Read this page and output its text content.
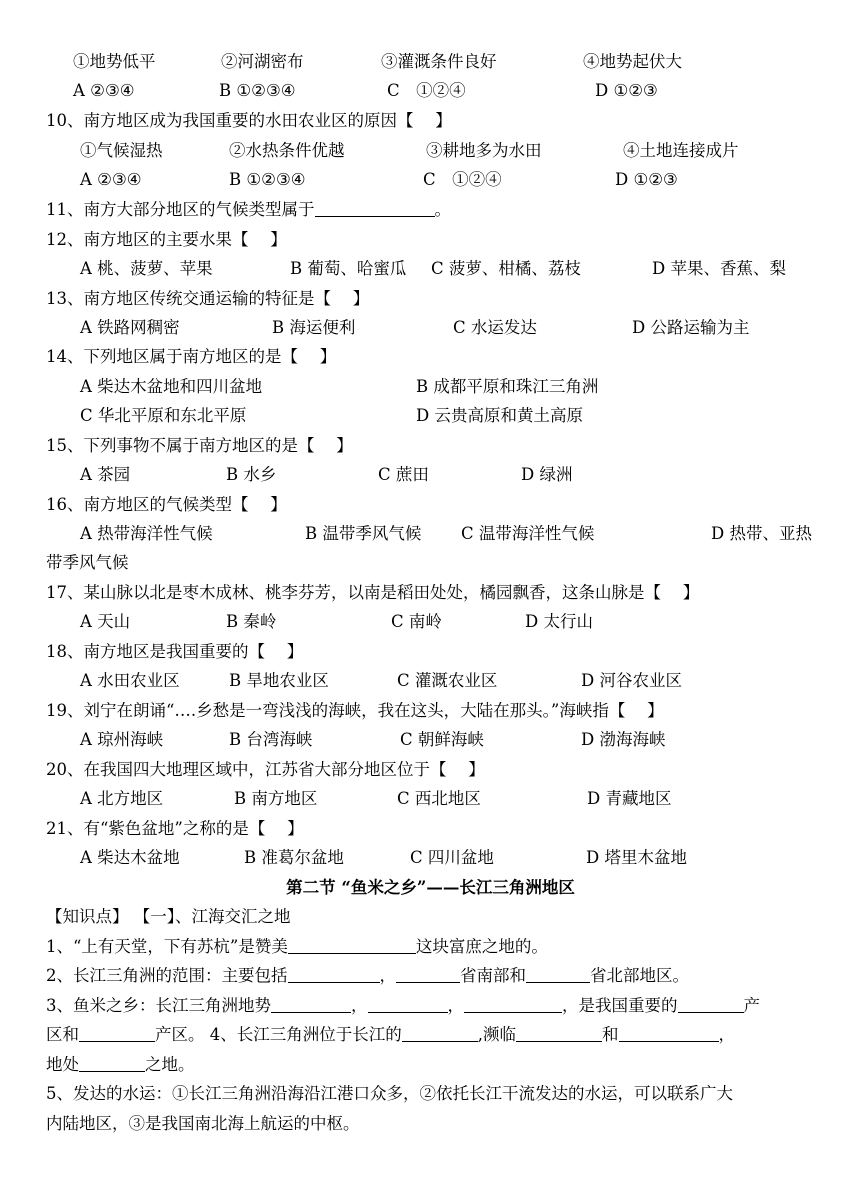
①地势低平	②河湖密布	③灌溉条件良好	④地势起伏大
A ②③④	B ①②③④	C　①②④	D ①②③
10、南方地区成为我国重要的水田农业区的原因【　 】
①气候湿热	②水热条件优越	③耕地多为水田	④土地连接成片
A ②③④	B ①②③④	C　①②④	D ①②③
11、南方大部分地区的气候类型属于	。
12、南方地区的主要水果【　 】
A 桃、菠萝、苹果	B 葡萄、哈蜜瓜 C 菠萝、柑橘、荔枝	D 苹果、香蕉、梨
13、南方地区传统交通运输的特征是【　 】
A 铁路网稠密	B 海运便利	C 水运发达	D 公路运输为主
14、下列地区属于南方地区的是【　 】
A 柴达木盆地和四川盆地	B 成都平原和珠江三角洲
C 华北平原和东北平原	D 云贵高原和黄土高原
15、下列事物不属于南方地区的是【　 】
A 茶园	B 水乡	C 蔗田	D 绿洲
16、南方地区的气候类型【　 】
A 热带海洋性气候	B 温带季风气候 C 温带海洋性气候	D 热带、亚热
带季风气候
17、某山脉以北是枣木成林、桃李芬芳，以南是稻田处处，橘园飘香，这条山脉是【　 】
A 天山	B 秦岭	C 南岭	D 太行山
18、南方地区是我国重要的【　 】
A 水田农业区	B 旱地农业区	C 灌溉农业区	D 河谷农业区
19、刘宁在朗诵“….乡愁是一弯浅浅的海峡，我在这头，大陆在那头。”海峡指【　 】
A 琼州海峡	B 台湾海峡	C 朝鲜海峡	D 渤海海峡
20、在我国四大地理区域中，江苏省大部分地区位于【　 】
A 北方地区	B 南方地区	C 西北地区	D 青藏地区
21、有“紫色盆地”之称的是【　 】
A 柴达木盆地	B 准葛尔盆地	C 四川盆地	D 塔里木盆地
第二节 “鱼米之乡”——长江三角洲地区
【知识点】 【一】、江海交汇之地
1、“上有天堂，下有苏杭”是赞美	这块富庶之地的。
2、长江三角洲的范围：主要包括	，	省南部和	省北部地区。
3、鱼米之乡：长江三角洲地势	，	，	，是我国重要的	产
区和	产区。 4、长江三角洲位于长江的	,濒临	和	，
地处	之地。
5、发达的水运：①长江三角洲沿海沿江港口众多，②依托长江干流发达的水运，可以联系广大
内陆地区，③是我国南北海上航运的中枢。
